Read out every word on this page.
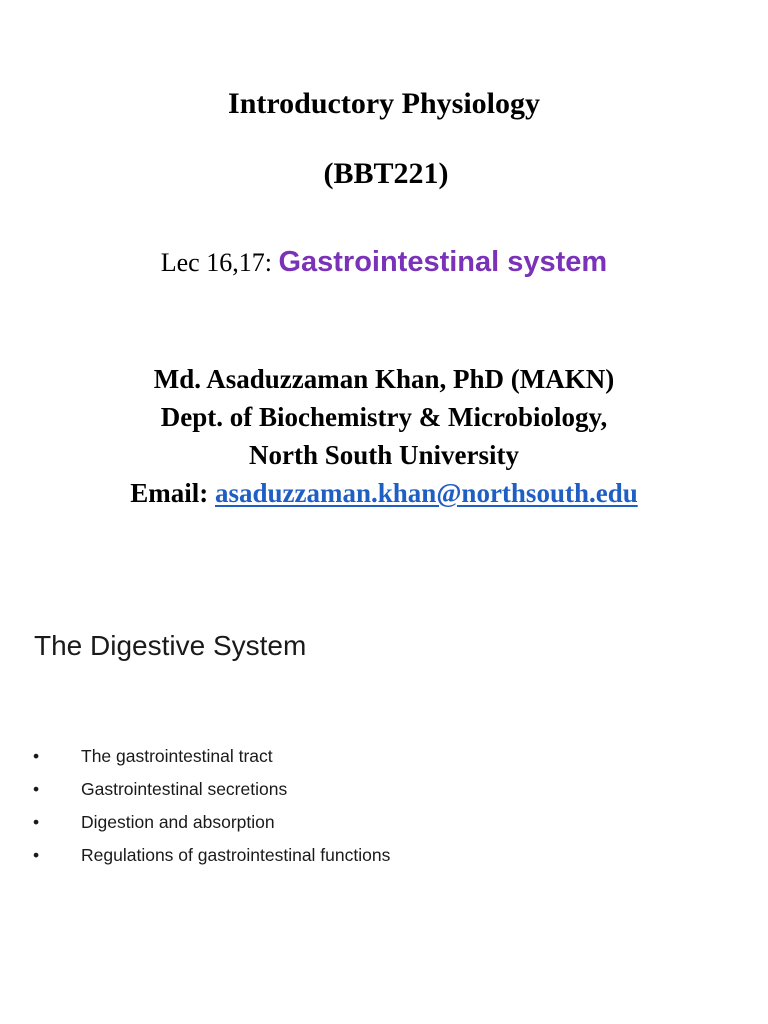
Introductory Physiology
(BBT221)
Lec 16,17: Gastrointestinal system
Md. Asaduzzaman Khan, PhD (MAKN)
Dept. of Biochemistry & Microbiology,
North South University
Email: asaduzzaman.khan@northsouth.edu
The Digestive System
• The gastrointestinal tract
• Gastrointestinal secretions
• Digestion and absorption
• Regulations of gastrointestinal functions
